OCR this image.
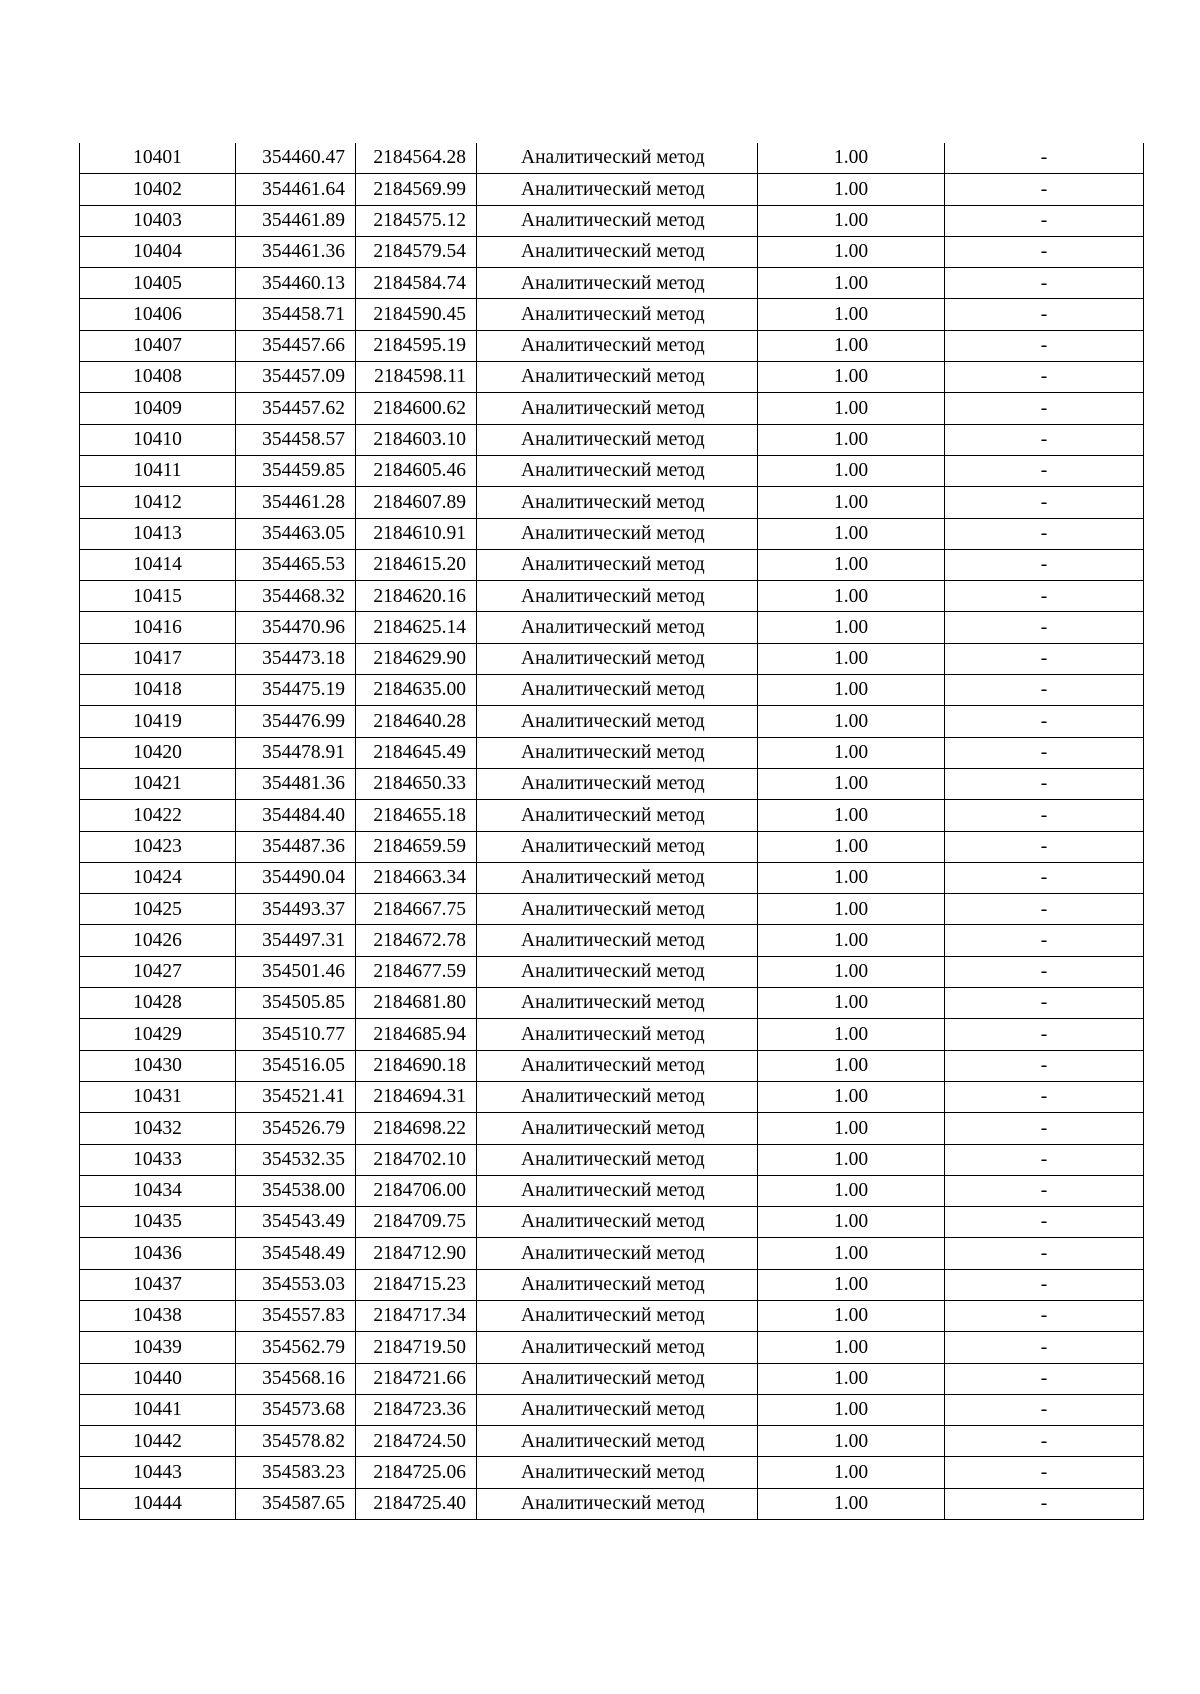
10401	354460.47	2184564.28	Аналитический метод	1.00	-
10402	354461.64	2184569.99	Аналитический метод	1.00	-
10403	354461.89	2184575.12	Аналитический метод	1.00	-
10404	354461.36	2184579.54	Аналитический метод	1.00	-
10405	354460.13	2184584.74	Аналитический метод	1.00	-
10406	354458.71	2184590.45	Аналитический метод	1.00	-
10407	354457.66	2184595.19	Аналитический метод	1.00	-
10408	354457.09	2184598.11	Аналитический метод	1.00	-
10409	354457.62	2184600.62	Аналитический метод	1.00	-
10410	354458.57	2184603.10	Аналитический метод	1.00	-
10411	354459.85	2184605.46	Аналитический метод	1.00	-
10412	354461.28	2184607.89	Аналитический метод	1.00	-
10413	354463.05	2184610.91	Аналитический метод	1.00	-
10414	354465.53	2184615.20	Аналитический метод	1.00	-
10415	354468.32	2184620.16	Аналитический метод	1.00	-
10416	354470.96	2184625.14	Аналитический метод	1.00	-
10417	354473.18	2184629.90	Аналитический метод	1.00	-
10418	354475.19	2184635.00	Аналитический метод	1.00	-
10419	354476.99	2184640.28	Аналитический метод	1.00	-
10420	354478.91	2184645.49	Аналитический метод	1.00	-
10421	354481.36	2184650.33	Аналитический метод	1.00	-
10422	354484.40	2184655.18	Аналитический метод	1.00	-
10423	354487.36	2184659.59	Аналитический метод	1.00	-
10424	354490.04	2184663.34	Аналитический метод	1.00	-
10425	354493.37	2184667.75	Аналитический метод	1.00	-
10426	354497.31	2184672.78	Аналитический метод	1.00	-
10427	354501.46	2184677.59	Аналитический метод	1.00	-
10428	354505.85	2184681.80	Аналитический метод	1.00	-
10429	354510.77	2184685.94	Аналитический метод	1.00	-
10430	354516.05	2184690.18	Аналитический метод	1.00	-
10431	354521.41	2184694.31	Аналитический метод	1.00	-
10432	354526.79	2184698.22	Аналитический метод	1.00	-
10433	354532.35	2184702.10	Аналитический метод	1.00	-
10434	354538.00	2184706.00	Аналитический метод	1.00	-
10435	354543.49	2184709.75	Аналитический метод	1.00	-
10436	354548.49	2184712.90	Аналитический метод	1.00	-
10437	354553.03	2184715.23	Аналитический метод	1.00	-
10438	354557.83	2184717.34	Аналитический метод	1.00	-
10439	354562.79	2184719.50	Аналитический метод	1.00	-
10440	354568.16	2184721.66	Аналитический метод	1.00	-
10441	354573.68	2184723.36	Аналитический метод	1.00	-
10442	354578.82	2184724.50	Аналитический метод	1.00	-
10443	354583.23	2184725.06	Аналитический метод	1.00	-
10444	354587.65	2184725.40	Аналитический метод	1.00	-
